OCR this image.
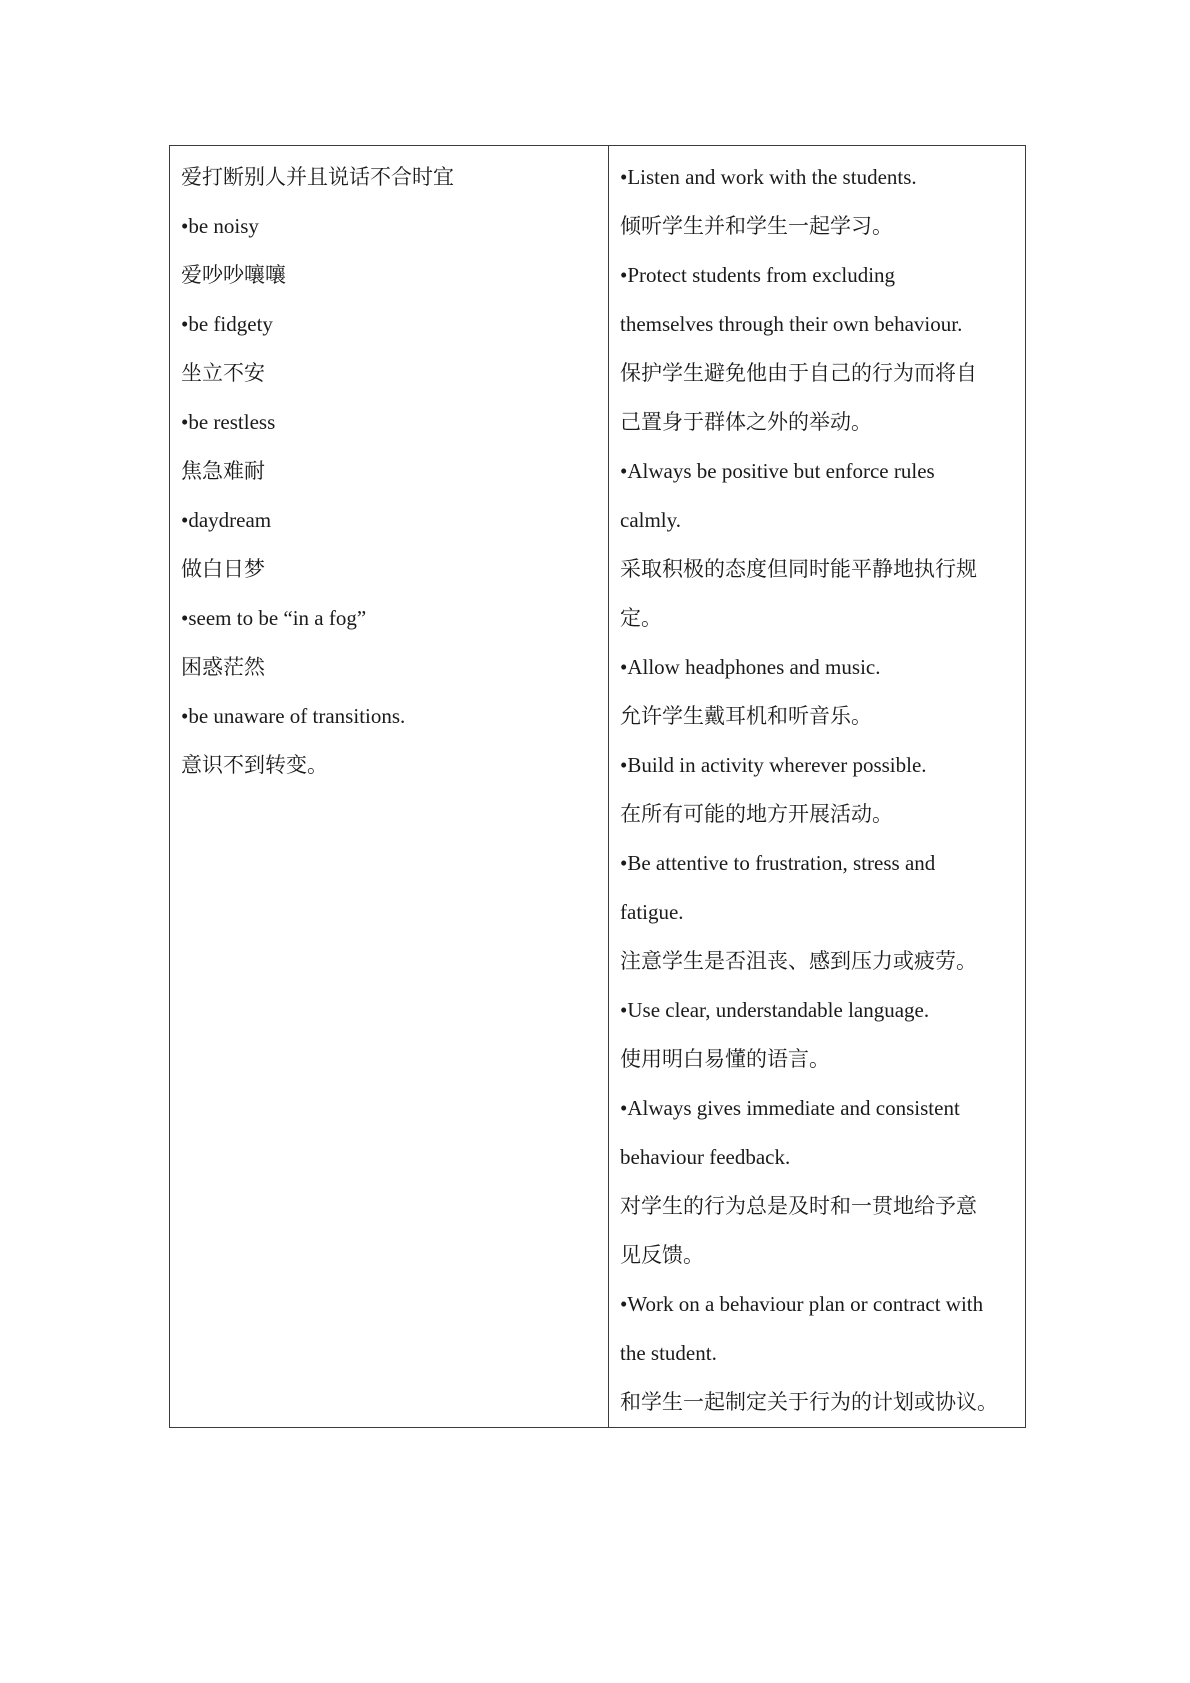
爱打断别人并且说话不合时宜
•be noisy
爱吵吵嚷嚷
•be fidgety
坐立不安
•be restless
焦急难耐
•daydream
做白日梦
•seem to be “in a fog”
困惑茫然
•be unaware of transitions.
意识不到转变。
•Listen and work with the students.
倾听学生并和学生一起学习。
•Protect students from excluding
themselves through their own behaviour.
保护学生避免他由于自己的行为而将自
己置身于群体之外的举动。
•Always be positive but enforce rules
calmly.
采取积极的态度但同时能平静地执行规
定。
•Allow headphones and music.
允许学生戴耳机和听音乐。
•Build in activity wherever possible.
在所有可能的地方开展活动。
•Be attentive to frustration, stress and
fatigue.
注意学生是否沮丧、感到压力或疲劳。
•Use clear, understandable language.
使用明白易懂的语言。
•Always gives immediate and consistent
behaviour feedback.
对学生的行为总是及时和一贯地给予意
见反馈。
•Work on a behaviour plan or contract with
the student.
和学生一起制定关于行为的计划或协议。
